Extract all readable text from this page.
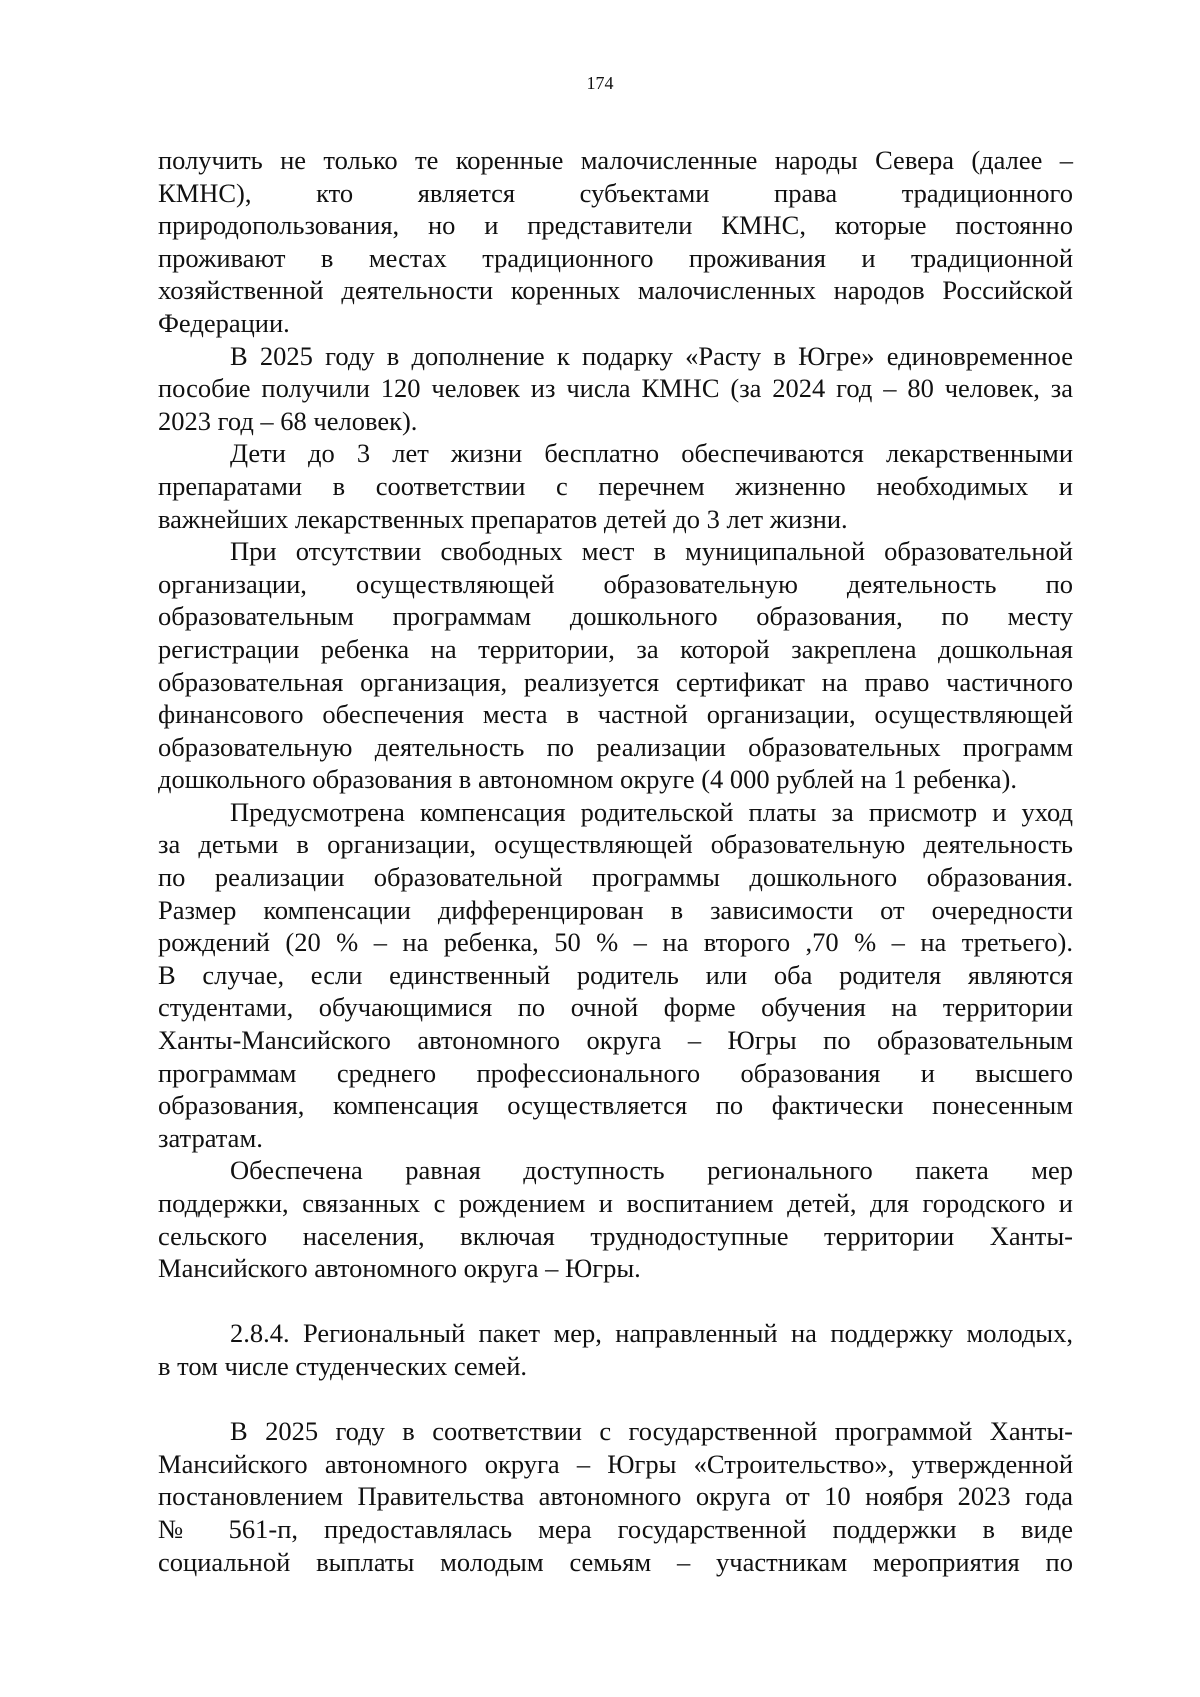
174
получить не только те коренные малочисленные народы Севера (далее –
КМНС), кто является субъектами права традиционного
природопользования, но и представители КМНС, которые постоянно
проживают в местах традиционного проживания и традиционной
хозяйственной деятельности коренных малочисленных народов Российской
Федерации.
В 2025 году в дополнение к подарку «Расту в Югре» единовременное
пособие получили 120 человек из числа КМНС (за 2024 год – 80 человек, за
2023 год – 68 человек).
Дети до 3 лет жизни бесплатно обеспечиваются лекарственными
препаратами в соответствии с перечнем жизненно необходимых и
важнейших лекарственных препаратов детей до 3 лет жизни.
При отсутствии свободных мест в муниципальной образовательной
организации, осуществляющей образовательную деятельность по
образовательным программам дошкольного образования, по месту
регистрации ребенка на территории, за которой закреплена дошкольная
образовательная организация, реализуется сертификат на право частичного
финансового обеспечения места в частной организации, осуществляющей
образовательную деятельность по реализации образовательных программ
дошкольного образования в автономном округе (4 000 рублей на 1 ребенка).
Предусмотрена компенсация родительской платы за присмотр и уход
за детьми в организации, осуществляющей образовательную деятельность
по реализации образовательной программы дошкольного образования.
Размер компенсации дифференцирован в зависимости от очередности
рождений (20 % – на ребенка, 50 % – на второго ,70 % – на третьего).
В случае, если единственный родитель или оба родителя являются
студентами, обучающимися по очной форме обучения на территории
Ханты-Мансийского автономного округа – Югры по образовательным
программам среднего профессионального образования и высшего
образования, компенсация осуществляется по фактически понесенным
затратам.
Обеспечена равная доступность регионального пакета мер
поддержки, связанных с рождением и воспитанием детей, для городского и
сельского населения, включая труднодоступные территории Ханты-
Мансийского автономного округа – Югры.
2.8.4. Региональный пакет мер, направленный на поддержку молодых,
в том числе студенческих семей.
В 2025 году в соответствии с государственной программой Ханты-
Мансийского автономного округа – Югры «Строительство», утвержденной
постановлением Правительства автономного округа от 10 ноября 2023 года
№ 561-п, предоставлялась мера государственной поддержки в виде
социальной выплаты молодым семьям – участникам мероприятия по
